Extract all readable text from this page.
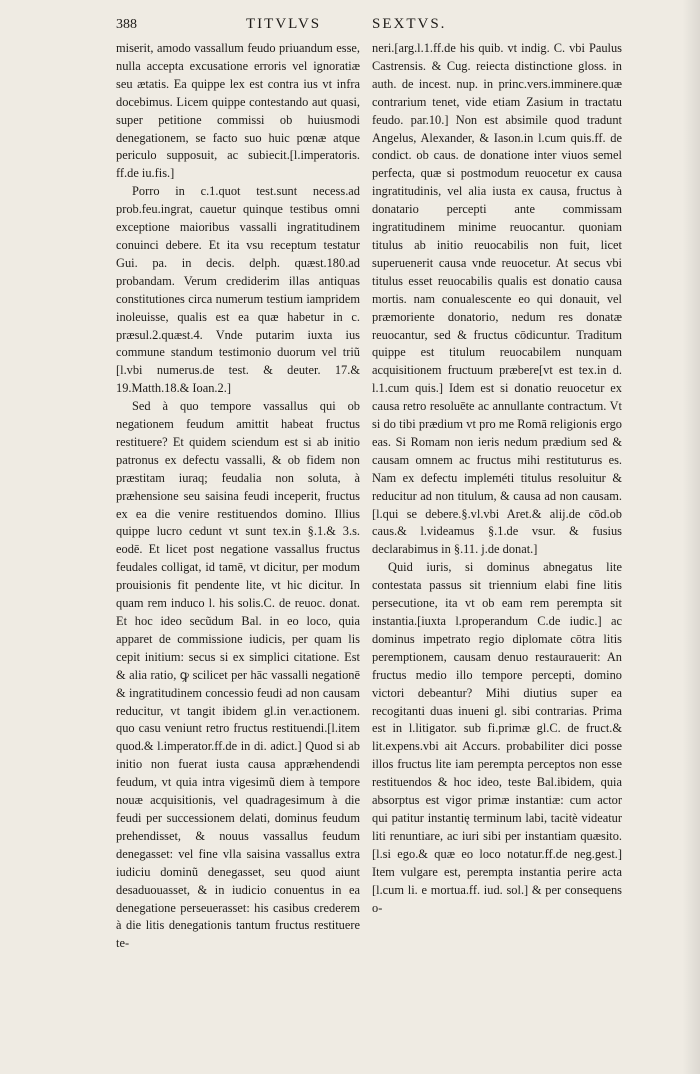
388	TITVLVS	SEXTVS.

miserit, amodo vassallum feudo priuandum esse, nulla accepta excusatione erroris vel ignoratiæ seu ætatis. Ea quippe lex est contra ius vt infra docebimus. Licem quippe contestando aut quasi, super petitione commissi ob huiusmodi denegationem, se facto suo huic pœnæ atque periculo supposuit, ac subiecit.[l.imperatoris. ff.de iu.fis.]

Porro in c.1.quot test.sunt necess.ad prob.feu.ingrat, cauetur quinque testibus omni exceptione maioribus vassalli ingratitudinem conuinci debere. Et ita vsu receptum testatur Gui. pa. in decis. delph. quæst.180.ad probandam. Verum crediderim illas antiquas constitutiones circa numerum testium iampridem inoleuisse, qualis est ea quæ habetur in c. præsul.2.quæst.4. Vnde putarim iuxta ius commune standum testimonio duorum vel triũ [l.vbi numerus.de test. & deuter. 17.& 19.Matth.18.& Ioan.2.]

Sed à quo tempore vassallus qui ob negationem feudum amittit habeat fructus restituere? Et quidem sciendum est si ab initio patronus ex defectu vassalli, & ob fidem non præstitam iuraq; feudalia non soluta, à præhensione seu saisina feudi inceperit, fructus ex ea die venire restituendos domino. Illius quippe lucro cedunt vt sunt tex.in §.1.& 3.s. eodē. Et licet post negatione vassallus fructus feudales colligat, id tamē, vt dicitur, per modum prouisionis fit pendente lite, vt hic dicitur. In quam rem induco l. his solis.C. de reuoc. donat. Et hoc ideo secũdum Bal. in eo loco, quia apparet de commissione iudicis, per quam lis cepit initium: secus si ex simplici citatione. Est & alia ratio, ꝙ scilicet per hāc vassalli negationē & ingratitudinem concessio feudi ad non causam reducitur, vt tangit ibidem gl.in ver.actionem. quo casu veniunt retro fructus restituendi.[l.item quod.& l.imperator.ff.de in di. adict.] Quod si ab initio non fuerat iusta causa apprӕhendendi feudum, vt quia intra vigesimũ diem à tempore nouæ acquisitionis, vel quadragesimum à die feudi per successionem delati, dominus feudum prehendisset, & nouus vassallus feudum denegasset: vel fine vlla saisina vassallus extra iudiciu dominũ denegasset, seu quod aiunt desaduouasset, & in iudicio conuentus in ea denegatione perseuerasset: his casibus crederem à die litis denegationis tantum fructus restituere te-

neri.[arg.l.1.ff.de his quib. vt indig. C. vbi Paulus Castrensis. & Cug. reiecta distinctione gloss. in auth. de incest. nup. in princ.vers.imminere.quæ contrarium tenet, vide etiam Zasium in tractatu feudo. par.10.] Non est absimile quod tradunt Angelus, Alexander, & Iason.in l.cum quis.ff. de condict. ob caus. de donatione inter viuos semel perfecta, quæ si postmodum reuocetur ex causa ingratitudinis, vel alia iusta ex causa, fructus à donatario percepti ante commissam ingratitudinem minime reuocantur. quoniam titulus ab initio reuocabilis non fuit, licet superuenerit causa vnde reuocetur. At secus vbi titulus esset reuocabilis qualis est donatio causa mortis. nam conualescente eo qui donauit, vel præmoriente donatorio, nedum res donatæ reuocantur, sed & fructus cōdicuntur. Traditum quippe est titulum reuocabilem nunquam acquisitionem fructuum præbere[vt est tex.in d. l.1.cum quis.] Idem est si donatio reuocetur ex causa retro resoluēte ac annullante contractum. Vt si do tibi prædium vt pro me Romā religionis ergo eas. Si Romam non ieris nedum prædium sed & causam omnem ac fructus mihi restituturus es. Nam ex defectu impleméti titulus resoluitur & reducitur ad non titulum, & causa ad non causam.[l.qui se debere.§.vl.vbi Aret.& alij.de cōd.ob caus.& l.videamus §.1.de vsur. & fusius declarabimus in §.11. j.de donat.]

Quid iuris, si dominus abnegatus lite contestata passus sit triennium elabi fine litis persecutione, ita vt ob eam rem perempta sit instantia.[iuxta l.properandum C.de iudic.] ac dominus impetrato regio diplomate cōtra litis peremptionem, causam denuo restaurauerit: An fructus medio illo tempore percepti, domino victori debeantur? Mihi diutius super ea recogitanti duas inueni gl. sibi contrarias. Prima est in l.litigator. sub fi.primæ gl.C. de fruct.& lit.expens.vbi ait Accurs. probabiliter dici posse illos fructus lite iam perempta perceptos non esse restituendos & hoc ideo, teste Bal.ibidem, quia absorptus est vigor primæ instantiæ: cum actor qui patitur instantię terminum labi, tacitè videatur liti renuntiare, ac iuri sibi per instantiam quæsito.[l.si ego.& quæ eo loco notatur.ff.de neg.gest.] Item vulgare est, perempta instantia perire acta [l.cum li. e mortua.ff. iud. sol.] & per consequens o-
